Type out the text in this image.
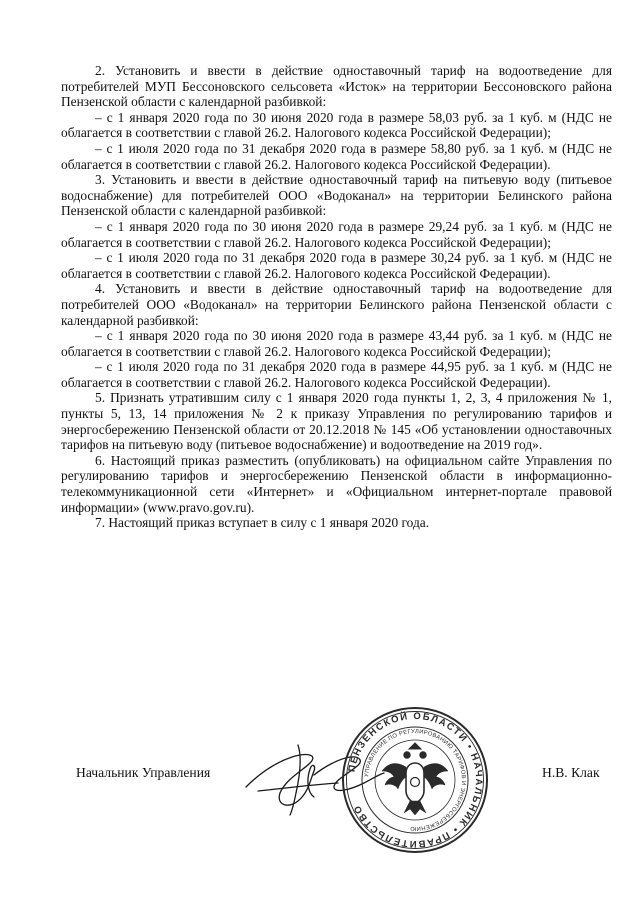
2. Установить и ввести в действие одноставочный тариф на водоотведение для потребителей МУП Бессоновского сельсовета «Исток» на территории Бессоновского района Пензенской области с календарной разбивкой:

– с 1 января 2020 года по 30 июня 2020 года в размере 58,03 руб. за 1 куб. м (НДС не облагается в соответствии с главой 26.2. Налогового кодекса Российской Федерации);

– с 1 июля 2020 года по 31 декабря 2020 года в размере 58,80 руб. за 1 куб. м (НДС не облагается в соответствии с главой 26.2. Налогового кодекса Российской Федерации).

3. Установить и ввести в действие одноставочный тариф на питьевую воду (питьевое водоснабжение) для потребителей ООО «Водоканал» на территории Белинского района Пензенской области с календарной разбивкой:

– с 1 января 2020 года по 30 июня 2020 года в размере 29,24 руб. за 1 куб. м (НДС не облагается в соответствии с главой 26.2. Налогового кодекса Российской Федерации);

– с 1 июля 2020 года по 31 декабря 2020 года в размере 30,24 руб. за 1 куб. м (НДС не облагается в соответствии с главой 26.2. Налогового кодекса Российской Федерации).

4. Установить и ввести в действие одноставочный тариф на водоотведение для потребителей ООО «Водоканал» на территории Белинского района Пензенской области с календарной разбивкой:

– с 1 января 2020 года по 30 июня 2020 года в размере 43,44 руб. за 1 куб. м (НДС не облагается в соответствии с главой 26.2. Налогового кодекса Российской Федерации);

– с 1 июля 2020 года по 31 декабря 2020 года в размере 44,95 руб. за 1 куб. м (НДС не облагается в соответствии с главой 26.2. Налогового кодекса Российской Федерации).

5. Признать утратившим силу с 1 января 2020 года пункты 1, 2, 3, 4 приложения № 1, пункты 5, 13, 14 приложения № 2 к приказу Управления по регулированию тарифов и энергосбережению Пензенской области от 20.12.2018 № 145 «Об установлении одноставочных тарифов на питьевую воду (питьевое водоснабжение) и водоотведение на 2019 год».

6. Настоящий приказ разместить (опубликовать) на официальном сайте Управления по регулированию тарифов и энергосбережению Пензенской области в информационно-телекоммуникационной сети «Интернет» и «Официальном интернет-портале правовой информации» (www.pravo.gov.ru).

7. Настоящий приказ вступает в силу с 1 января 2020 года.

Начальник Управления	Н.В. Клак
ПЕНЗЕНСКОЙ ОБЛАСТИ • НАЧАЛЬНИК • ПРАВИТЕЛЬСТВО
УПРАВЛЕНИЕ ПО РЕГУЛИРОВАНИЮ ТАРИФОВ И ЭНЕРГОСБЕРЕЖЕНИЮ
